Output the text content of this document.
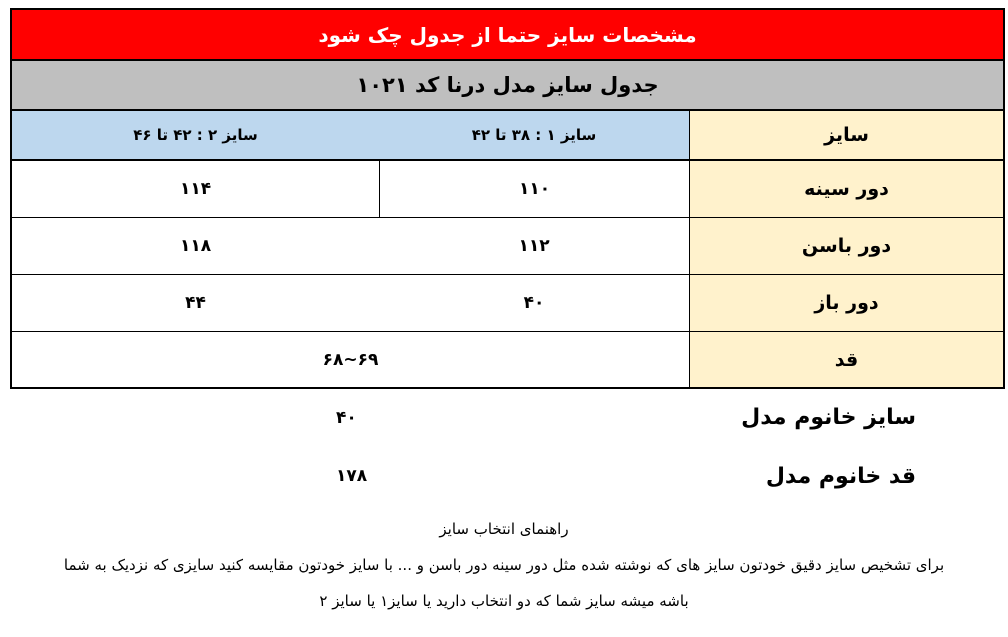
مشخصات سایز حتما از جدول چک شود
جدول سایز مدل درنا کد ۱۰۲۱
سایز
سایز ۱ : ۳۸ تا ۴۲
سایز ۲ : ۴۲ تا ۴۶
دور سینه
۱۱۰
۱۱۴
دور باسن
۱۱۲
۱۱۸
دور باز
۴۰
۴۴
قد
۶۹~۶۸
سایز خانوم مدل
۴۰
قد خانوم مدل
۱۷۸
راهنمای انتخاب سایز
برای تشخیص سایز دقیق خودتون سایز های که نوشته شده مثل دور سینه دور باسن و ... با سایز خودتون مقایسه کنید سایزی که نزدیک به شما
باشه میشه سایز شما که دو انتخاب دارید یا سایز۱ یا سایز ۲
